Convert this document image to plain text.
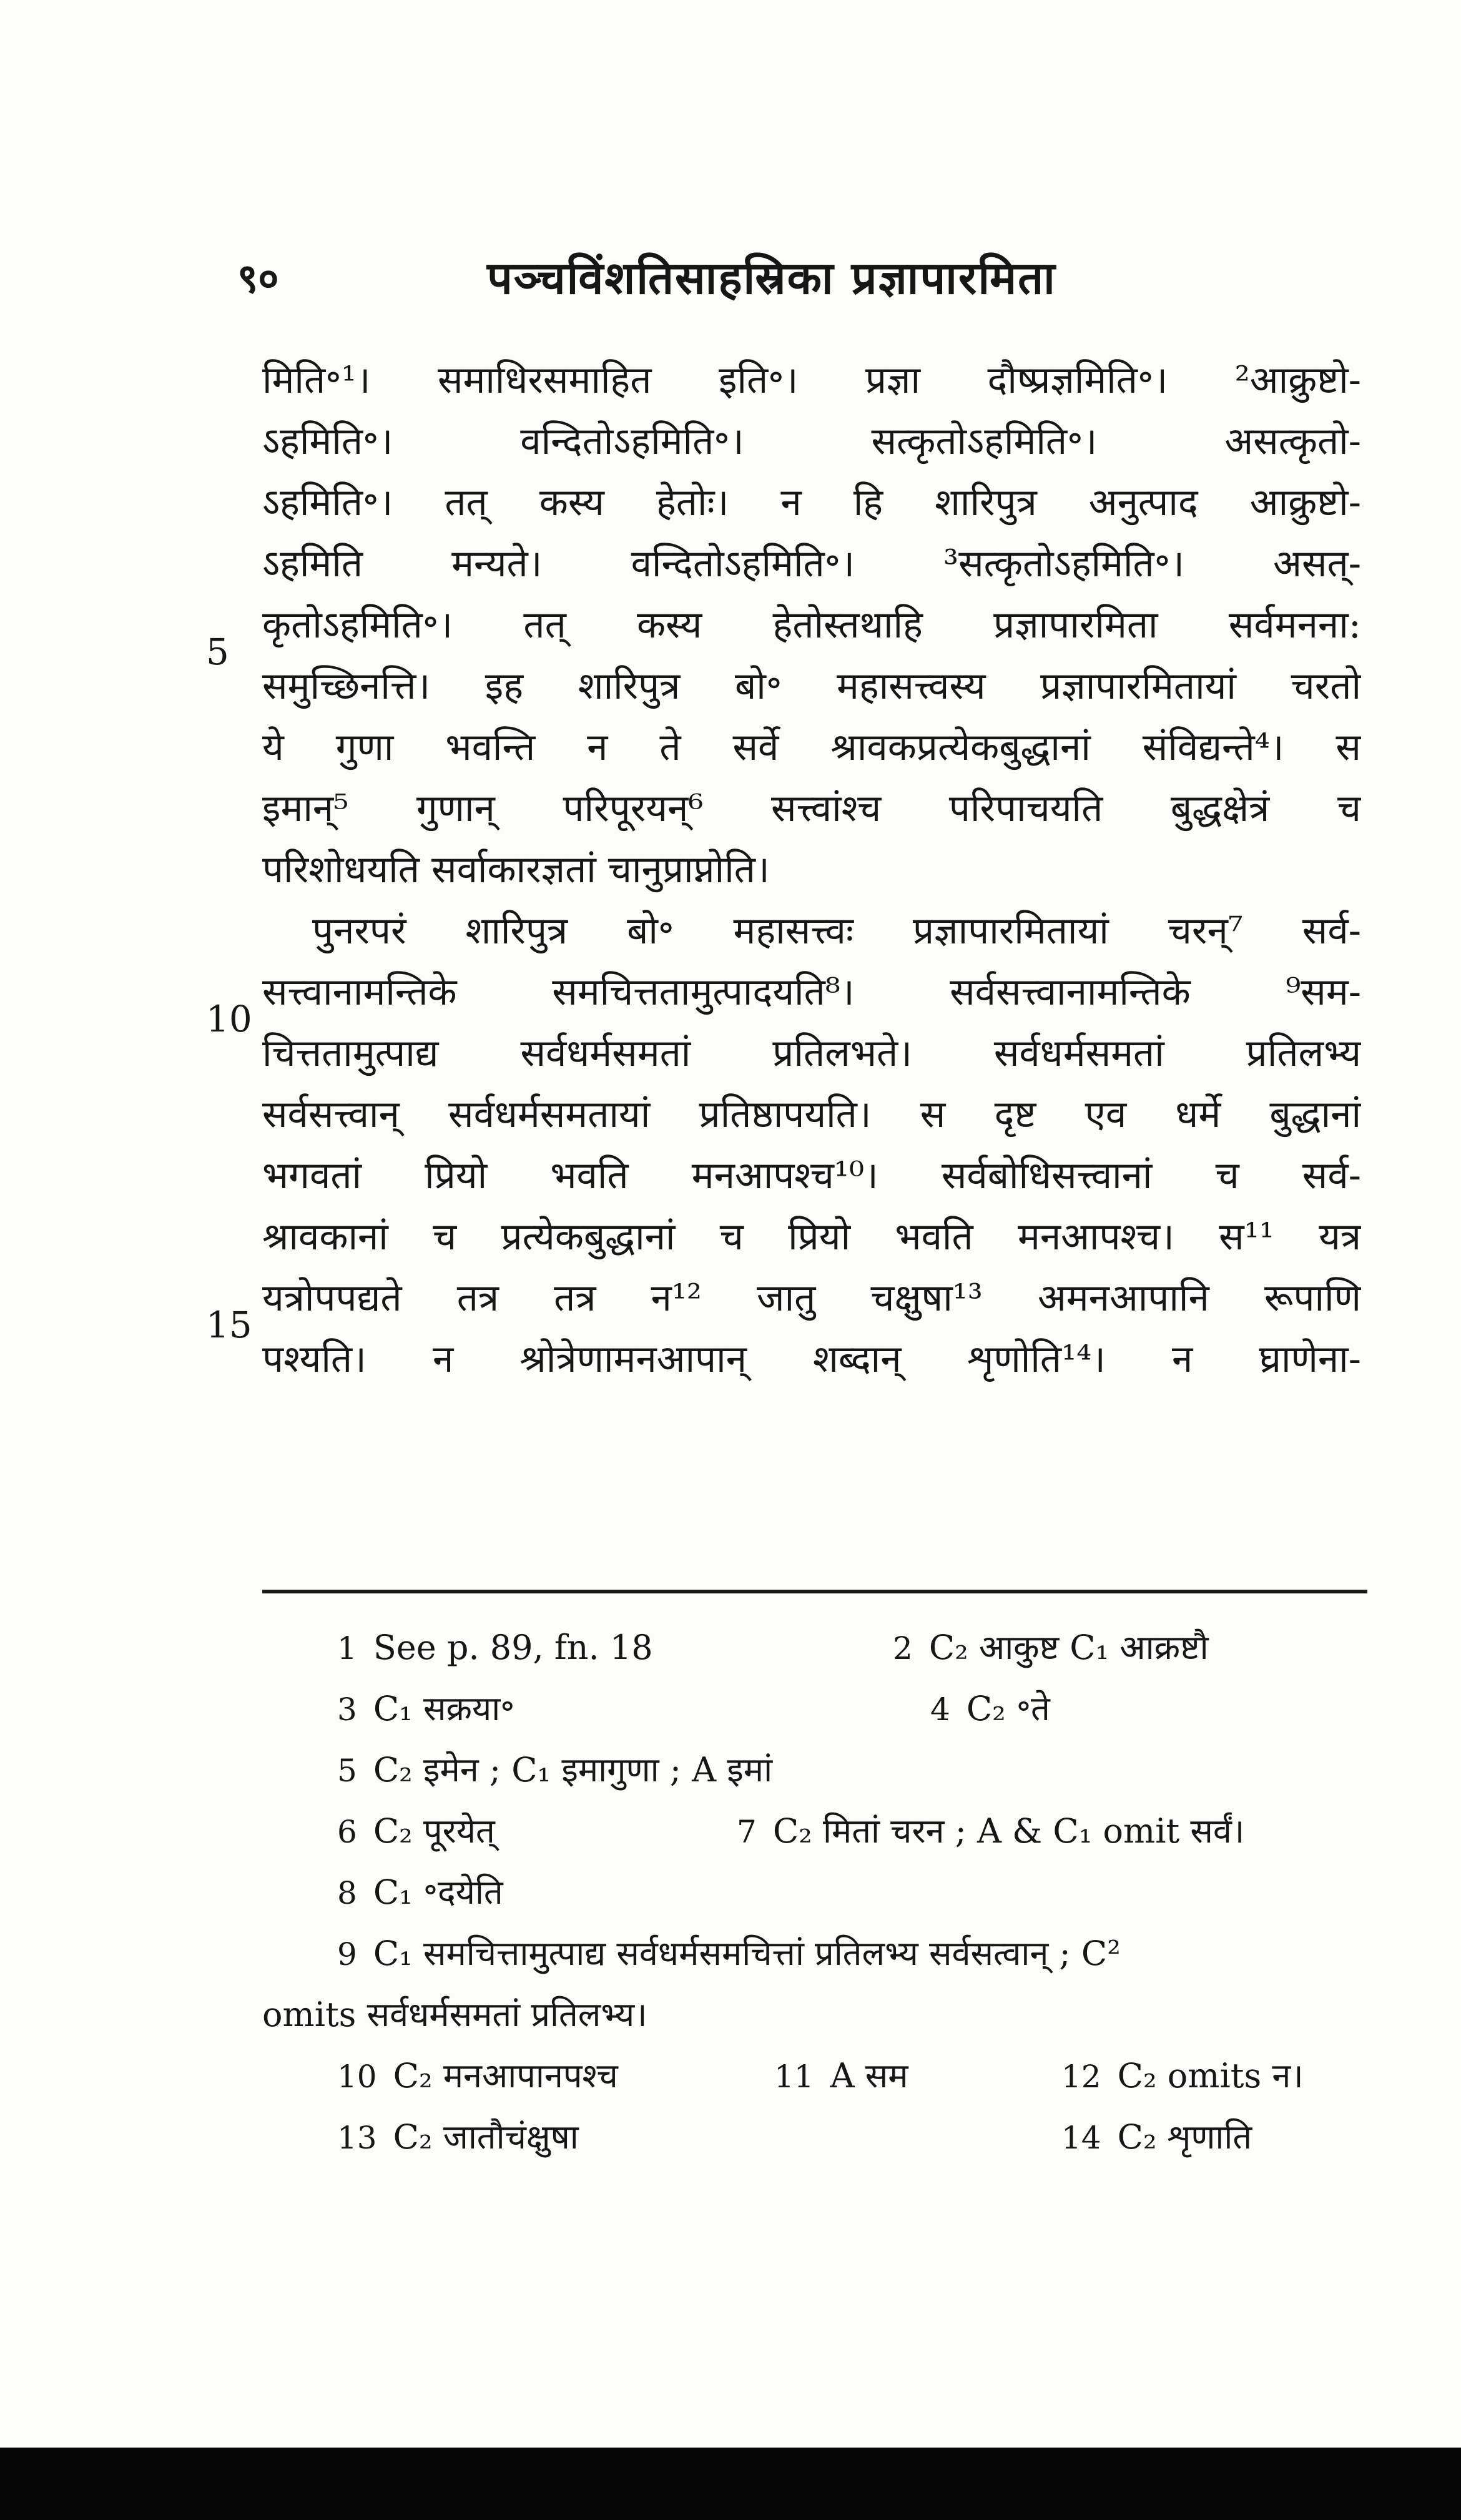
९०	पञ्चविंशतिसाहस्रिका प्रज्ञापारमिता
5
10
15
मिति॰¹। समाधिरसमाहित इति॰। प्रज्ञा दौष्प्रज्ञमिति॰। ²आक्रुष्टो-
ऽहमिति॰। वन्दितोऽहमिति॰। सत्कृतोऽहमिति॰। असत्कृतो-
ऽहमिति॰। तत् कस्य हेतोः। न हि शारिपुत्र अनुत्पाद आक्रुष्टो-
ऽहमिति मन्यते। वन्दितोऽहमिति॰। ³सत्कृतोऽहमिति॰। असत्-
कृतोऽहमिति॰। तत् कस्य हेतोस्तथाहि प्रज्ञापारमिता सर्वमनना:
समुच्छिनत्ति। इह शारिपुत्र बो॰ महासत्त्वस्य प्रज्ञापारमितायां चरतो
ये गुणा भवन्ति न ते सर्वे श्रावकप्रत्येकबुद्धानां संविद्यन्ते⁴। स
इमान्⁵ गुणान् परिपूरयन्⁶ सत्त्वांश्च परिपाचयति बुद्धक्षेत्रं च
परिशोधयति सर्वाकारज्ञतां चानुप्राप्नोति।
पुनरपरं शारिपुत्र बो॰ महासत्त्वः प्रज्ञापारमितायां चरन्⁷ सर्व-
सत्त्वानामन्तिके समचित्ततामुत्पादयति⁸। सर्वसत्त्वानामन्तिके ⁹सम-
चित्ततामुत्पाद्य सर्वधर्मसमतां प्रतिलभते। सर्वधर्मसमतां प्रतिलभ्य
सर्वसत्त्वान् सर्वधर्मसमतायां प्रतिष्ठापयति। स दृष्ट एव धर्मे बुद्धानां
भगवतां प्रियो भवति मनआपश्च¹⁰। सर्वबोधिसत्त्वानां च सर्व-
श्रावकानां च प्रत्येकबुद्धानां च प्रियो भवति मनआपश्च। स¹¹ यत्र
यत्रोपपद्यते तत्र तत्र न¹² जातु चक्षुषा¹³ अमनआपानि रूपाणि
पश्यति। न श्रोत्रेणामनआपान् शब्दान् शृणोति¹⁴। न घ्राणेना-
1 See p. 89, fn. 18	2 C₂ आकुष्ट C₁ आक्रष्टौ
3 C₁ सक्रया॰	4 C₂ ॰ते
5 C₂ इमेन ; C₁ इमागुणा ; A इमां
6 C₂ पूरयेत्	7 C₂ मितां चरन ; A & C₁ omit सर्वं।
8 C₁ ॰दयेति
9 C₁ समचित्तामुत्पाद्य सर्वधर्मसमचित्तां प्रतिलभ्य सर्वसत्वान् ; C²
omits सर्वधर्मसमतां प्रतिलभ्य।
10 C₂ मनआपानपश्च	11 A सम	12 C₂ omits न।
13 C₂ जातौचंक्षुषा	14 C₂ शृणाति
